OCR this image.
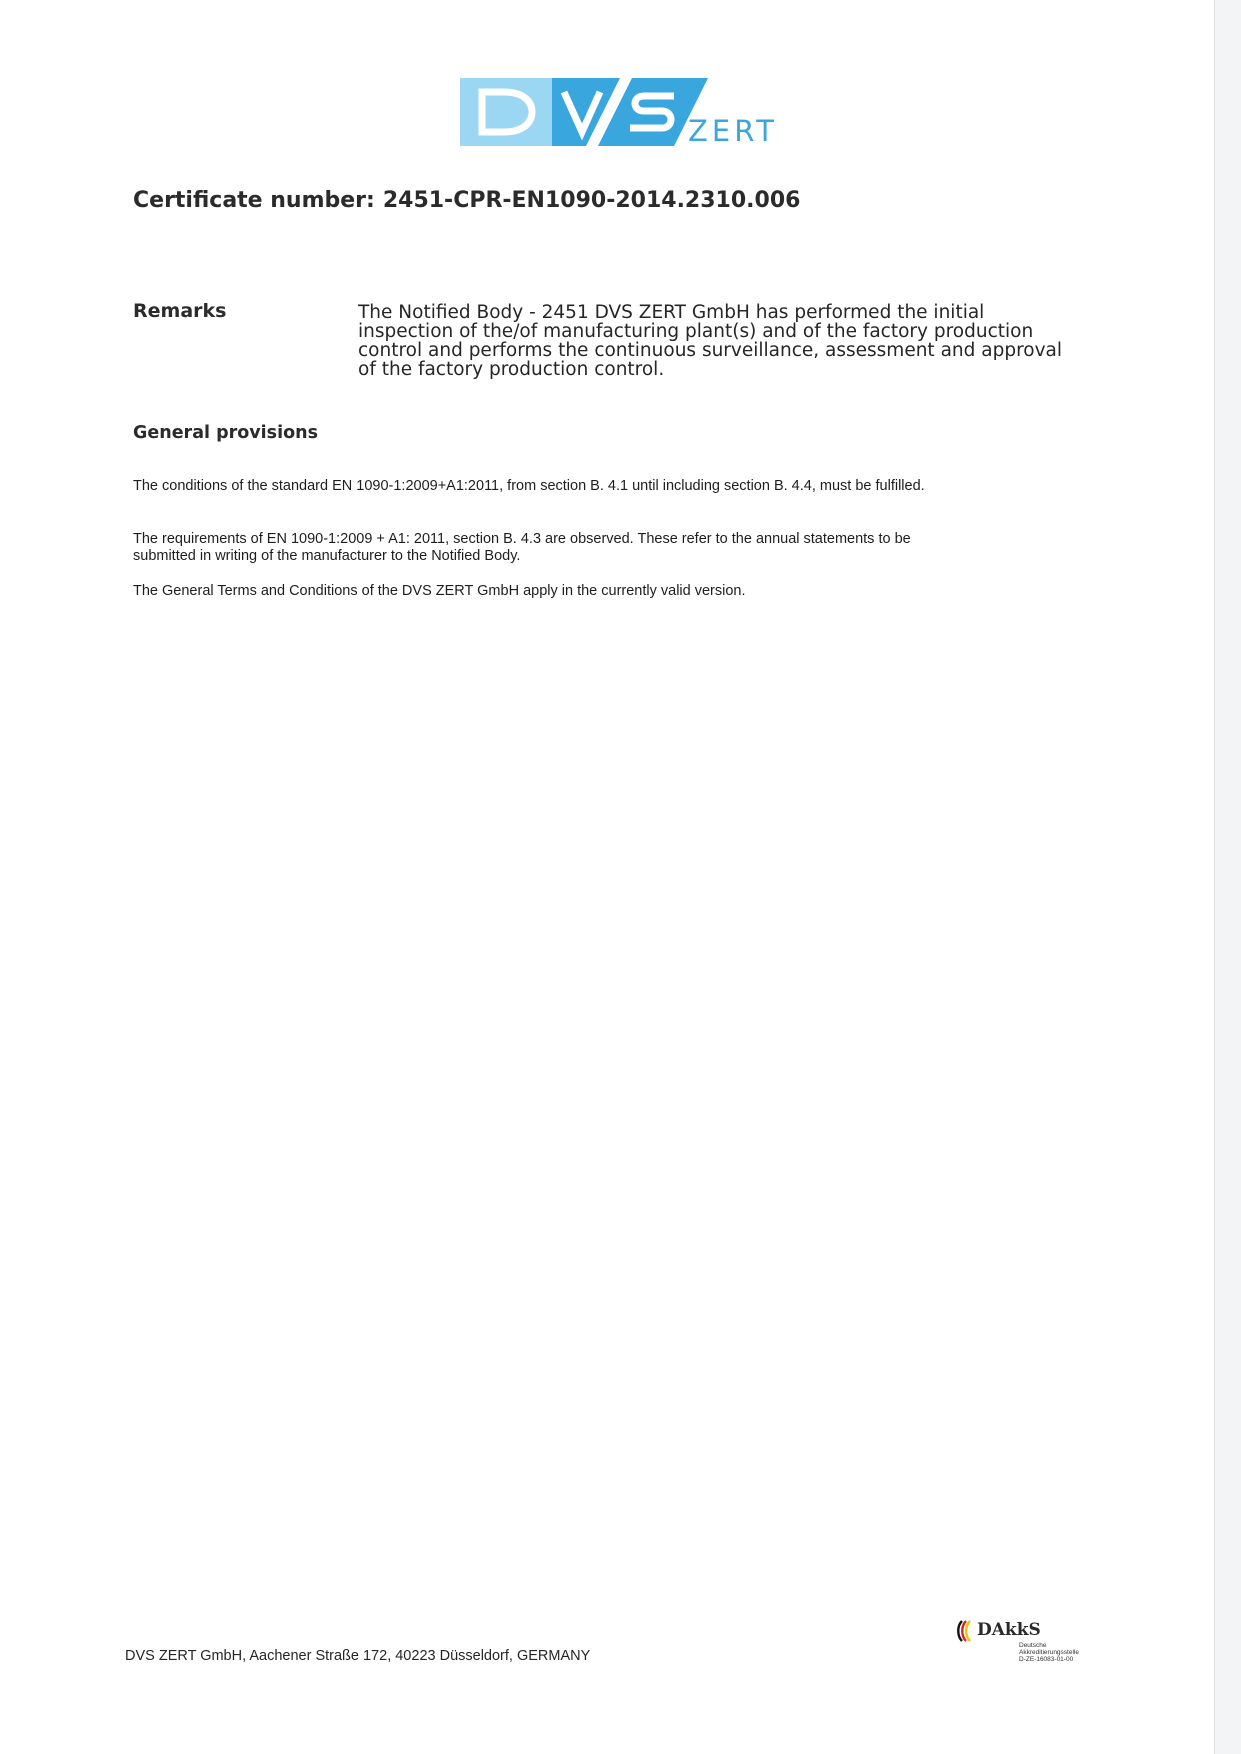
ZERT
Certificate number: 2451-CPR-EN1090-2014.2310.006
Remarks	The Notified Body - 2451 DVS ZERT GmbH has performed the initial inspection of the/of manufacturing plant(s) and of the factory production control and performs the continuous surveillance, assessment and approval of the factory production control.
General provisions
The conditions of the standard EN 1090-1:2009+A1:2011, from section B. 4.1 until including section B. 4.4, must be fulfilled.
The requirements of EN 1090-1:2009 + A1: 2011, section B. 4.3 are observed. These refer to the annual statements to be submitted in writing of the manufacturer to the Notified Body.
The General Terms and Conditions of the DVS ZERT GmbH apply in the currently valid version.
DVS ZERT GmbH, Aachener Straße 172, 40223 Düsseldorf, GERMANY
DAkkS
Deutsche
Akkreditierungsstelle
D-ZE-16083-01-00
